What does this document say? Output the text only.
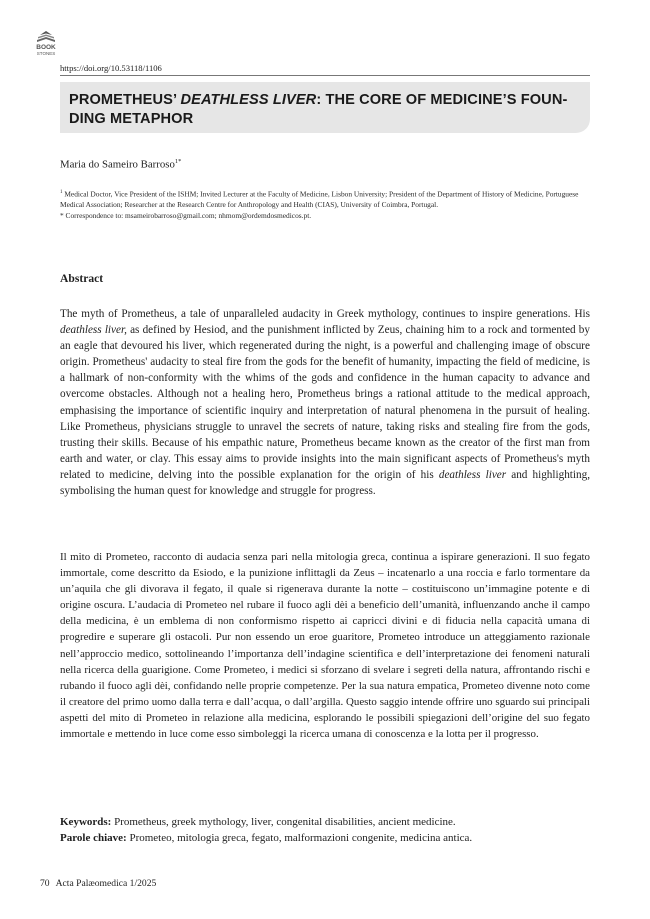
BOOK
STONES
https://doi.org/10.53118/1106
PROMETHEUS’ DEATHLESS LIVER: THE CORE OF MEDICINE’S FOUN-DING METAPHOR
Maria do Sameiro Barroso$^{1*}$

$^1$ Medical Doctor, Vice President of the ISHM; Invited Lecturer at the Faculty of Medicine, Lisbon University; President of the Department of History of Medicine, Portuguese Medical Association; Researcher at the Research Centre for Anthropology and Health (CIAS), University of Coimbra, Portugal.

* Correspondence to: msameirobarroso@gmail.com; nhmom@ordemdosmedicos.pt.

Abstract

The myth of Prometheus, a tale of unparalleled audacity in Greek mythology, continues to inspire generations. His deathless liver, as defined by Hesiod, and the punishment inflicted by Zeus, chaining him to a rock and tormented by an eagle that devoured his liver, which regenerated during the night, is a powerful and challenging image of obscure origin. Prometheus' audacity to steal fire from the gods for the benefit of humanity, impacting the field of medicine, is a hallmark of non-conformity with the whims of the gods and confidence in the human capacity to advance and overcome obstacles. Although not a healing hero, Prometheus brings a rational attitude to the medical approach, emphasising the importance of scientific inquiry and interpretation of natural phenomena in the pursuit of healing. Like Prometheus, physicians struggle to unravel the secrets of nature, taking risks and stealing fire from the gods, trusting their skills. Because of his empathic nature, Prometheus became known as the creator of the first man from earth and water, or clay. This essay aims to provide insights into the main significant aspects of Prometheus's myth related to medicine, delving into the possible explanation for the origin of his deathless liver and highlighting, symbolising the human quest for knowledge and struggle for progress.

Il mito di Prometeo, racconto di audacia senza pari nella mitologia greca, continua a ispirare generazioni. Il suo fegato immortale, come descritto da Esiodo, e la punizione inflittagli da Zeus – incatenarlo a una roccia e farlo tormentare da un’aquila che gli divorava il fegato, il quale si rigenerava durante la notte – costituiscono un’immagine potente e di origine oscura. L’audacia di Prometeo nel rubare il fuoco agli dèi a beneficio dell’umanità, influenzando anche il campo della medicina, è un emblema di non conformismo rispetto ai capricci divini e di fiducia nella capacità umana di progredire e superare gli ostacoli. Pur non essendo un eroe guaritore, Prometeo introduce un atteggiamento razionale nell’approccio medico, sottolineando l’importanza dell’indagine scientifica e dell’interpretazione dei fenomeni naturali nella ricerca della guarigione. Come Prometeo, i medici si sforzano di svelare i segreti della natura, affrontando rischi e rubando il fuoco agli dèi, confidando nelle proprie competenze. Per la sua natura empatica, Prometeo divenne noto come il creatore del primo uomo dalla terra e dall’acqua, o dall’argilla. Questo saggio intende offrire uno sguardo sui principali aspetti del mito di Prometeo in relazione alla medicina, esplorando le possibili spiegazioni dell’origine del suo fegato immortale e mettendo in luce come esso simboleggi la ricerca umana di conoscenza e la lotta per il progresso.

Keywords: Prometheus, greek mythology, liver, congenital disabilities, ancient medicine.

Parole chiave: Prometeo, mitologia greca, fegato, malformazioni congenite, medicina antica.

70 Acta Palæomedica 1/2025
